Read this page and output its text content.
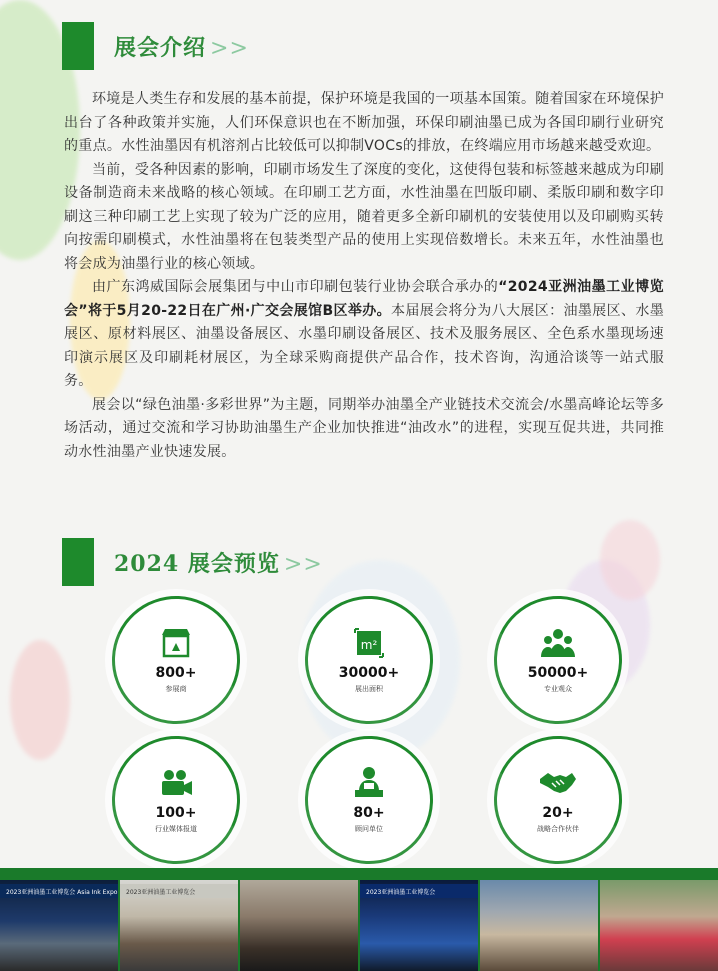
展会介绍 >>

环境是人类生存和发展的基本前提，保护环境是我国的一项基本国策。随着国家在环境保护出台了各种政策并实施，人们环保意识也在不断加强，环保印刷油墨已成为各国印刷行业研究的重点。水性油墨因有机溶剂占比较低可以抑制VOCs的排放，在终端应用市场越来越受欢迎。

当前，受各种因素的影响，印刷市场发生了深度的变化，这使得包装和标签越来越成为印刷设备制造商未来战略的核心领域。在印刷工艺方面，水性油墨在凹版印刷、柔版印刷和数字印刷这三种印刷工艺上实现了较为广泛的应用，随着更多全新印刷机的安装使用以及印刷购买转向按需印刷模式，水性油墨将在包装类型产品的使用上实现倍数增长。未来五年，水性油墨也将会成为油墨行业的核心领域。

由广东鸿威国际会展集团与中山市印刷包装行业协会联合承办的“2024亚洲油墨工业博览会”将于5月20-22日在广州·广交会展馆B区举办。本届展会将分为八大展区：油墨展区、水墨展区、原材料展区、油墨设备展区、水墨印刷设备展区、技术及服务展区、全色系水墨现场速印演示展区及印刷耗材展区，为全球采购商提供产品合作，技术咨询，沟通洽谈等一站式服务。

展会以“绿色油墨·多彩世界”为主题，同期举办油墨全产业链技术交流会/水墨高峰论坛等多场活动，通过交流和学习协助油墨生产企业加快推进“油改水”的进程，实现互促共进，共同推动水性油墨产业快速发展。

2024 展会预览 >>
800+
参展商
m²
30000+
展出面积
50000+
专业观众
100+
行业媒体报道
80+
顾问单位
20+
战略合作伙伴
2023亚洲油墨工业博览会 Asia Ink Expo	2023亚洲油墨工业博览会	2023亚洲油墨工业博览会
